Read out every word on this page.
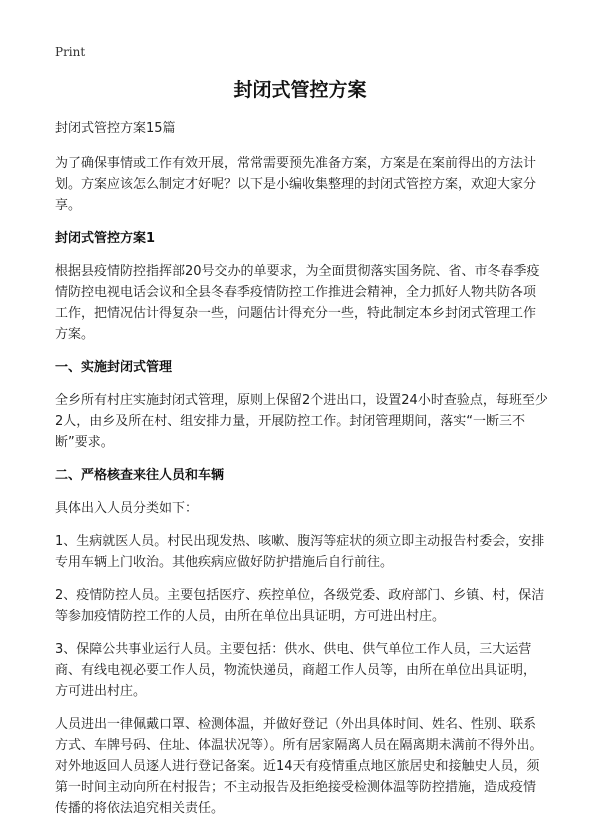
Print
封闭式管控方案

封闭式管控方案15篇

为了确保事情或工作有效开展，常常需要预先准备方案，方案是在案前得出的方法计划。方案应该怎么制定才好呢？以下是小编收集整理的封闭式管控方案，欢迎大家分享。

封闭式管控方案1

根据县疫情防控指挥部20号交办的单要求，为全面贯彻落实国务院、省、市冬春季疫情防控电视电话会议和全县冬春季疫情防控工作推进会精神，全力抓好人物共防各项工作，把情况估计得复杂一些，问题估计得充分一些，特此制定本乡封闭式管理工作方案。

一、实施封闭式管理

全乡所有村庄实施封闭式管理，原则上保留2个进出口，设置24小时查验点，每班至少2人，由乡及所在村、组安排力量，开展防控工作。封闭管理期间，落实“一断三不断”要求。

二、严格核查来往人员和车辆

具体出入人员分类如下：

1、生病就医人员。村民出现发热、咳嗽、腹泻等症状的须立即主动报告村委会，安排专用车辆上门收治。其他疾病应做好防护措施后自行前往。

2、疫情防控人员。主要包括医疗、疾控单位，各级党委、政府部门、乡镇、村，保洁等参加疫情防控工作的人员，由所在单位出具证明，方可进出村庄。

3、保障公共事业运行人员。主要包括：供水、供电、供气单位工作人员，三大运营商、有线电视必要工作人员，物流快递员，商超工作人员等，由所在单位出具证明，方可进出村庄。

人员进出一律佩戴口罩、检测体温，并做好登记（外出具体时间、姓名、性别、联系方式、车牌号码、住址、体温状况等）。所有居家隔离人员在隔离期未满前不得外出。对外地返回人员逐人进行登记备案。近14天有疫情重点地区旅居史和接触史人员，须第一时间主动向所在村报告；不主动报告及拒绝接受检测体温等防控措施，造成疫情传播的将依法追究相关责任。
